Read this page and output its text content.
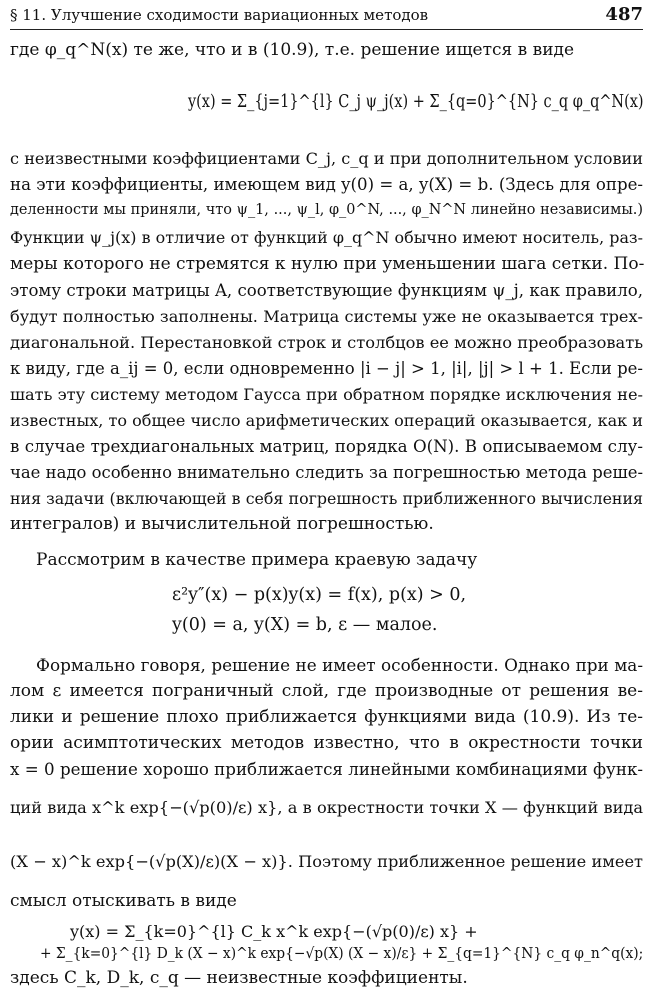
§ 11. Улучшение сходимости вариационных методов	487
где φ_q^N(x) те же, что и в (10.9), т.е. решение ищется в виде
y(x) = Σ_{j=1}^{l} C_j ψ_j(x) + Σ_{q=0}^{N} c_q φ_q^N(x)
с неизвестными коэффициентами C_j, c_q и при дополнительном условии
на эти коэффициенты, имеющем вид y(0) = a, y(X) = b. (Здесь для опре-
деленности мы приняли, что ψ_1, ..., ψ_l, φ_0^N, ..., φ_N^N линейно независимы.)
Функции ψ_j(x) в отличие от функций φ_q^N обычно имеют носитель, раз-
меры которого не стремятся к нулю при уменьшении шага сетки. По-
этому строки матрицы A, соответствующие функциям ψ_j, как правило,
будут полностью заполнены. Матрица системы уже не оказывается трех-
диагональной. Перестановкой строк и столбцов ее можно преобразовать
к виду, где a_ij = 0, если одновременно |i − j| > 1, |i|, |j| > l + 1. Если ре-
шать эту систему методом Гаусса при обратном порядке исключения не-
известных, то общее число арифметических операций оказывается, как и
в случае трехдиагональных матриц, порядка O(N). В описываемом слу-
чае надо особенно внимательно следить за погрешностью метода реше-
ния задачи (включающей в себя погрешность приближенного вычисления
интегралов) и вычислительной погрешностью.
Рассмотрим в качестве примера краевую задачу
ε²y″(x) − p(x)y(x) = f(x), p(x) > 0,
y(0) = a, y(X) = b, ε — малое.
Формально говоря, решение не имеет особенности. Однако при ма-
лом ε имеется пограничный слой, где производные от решения ве-
лики и решение плохо приближается функциями вида (10.9). Из те-
ории асимптотических методов известно, что в окрестности точки
x = 0 решение хорошо приближается линейными комбинациями функ-
ций вида x^k exp{−(√p(0)/ε) x}, а в окрестности точки X — функций вида
(X − x)^k exp{−(√p(X)/ε)(X − x)}. Поэтому приближенное решение имеет
смысл отыскивать в виде
y(x) = Σ_{k=0}^{l} C_k x^k exp{−(√p(0)/ε) x} +
+ Σ_{k=0}^{l} D_k (X − x)^k exp{−√p(X) (X − x)/ε} + Σ_{q=1}^{N} c_q φ_n^q(x);
здесь C_k, D_k, c_q — неизвестные коэффициенты.
